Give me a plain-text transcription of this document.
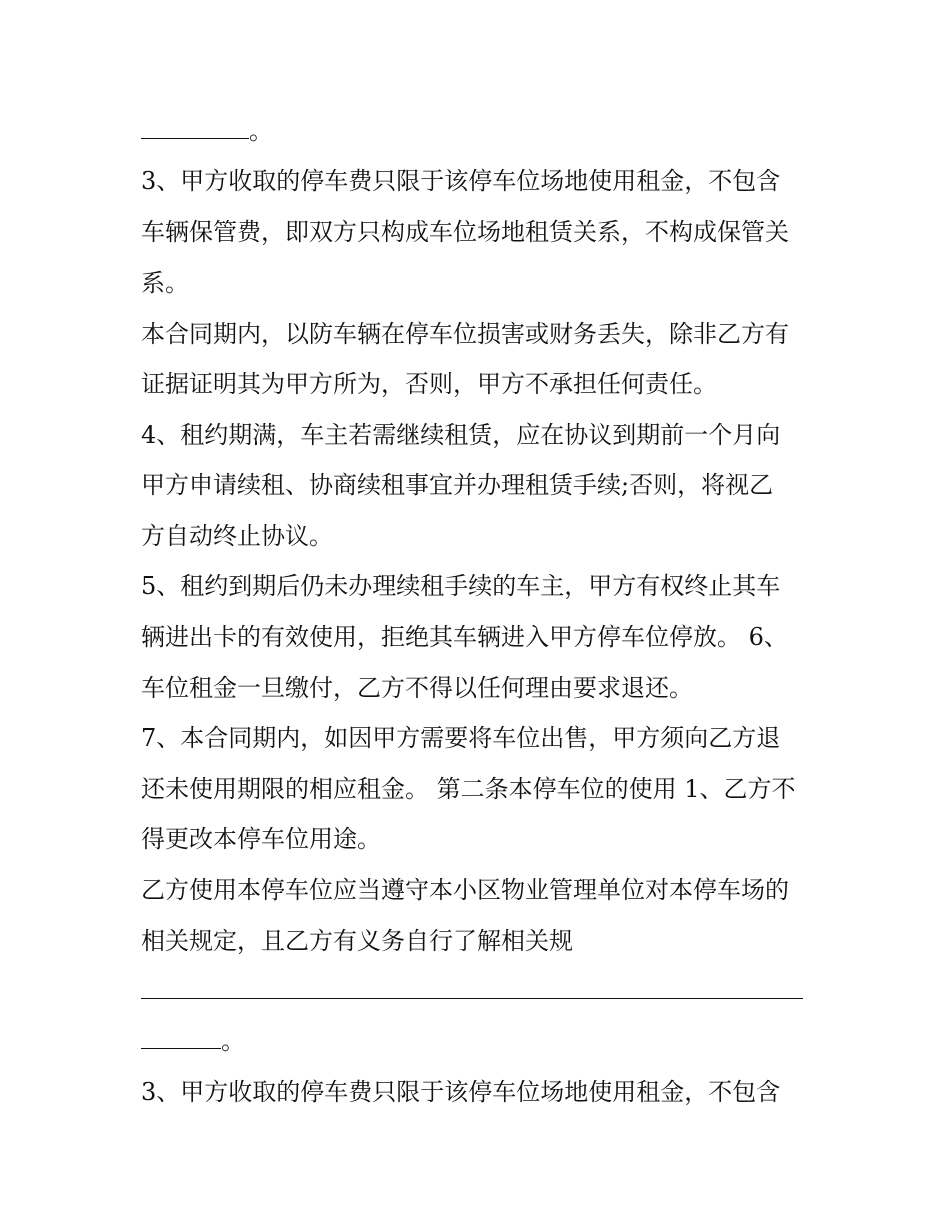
。
3、甲方收取的停车费只限于该停车位场地使用租金，不包含
车辆保管费，即双方只构成车位场地租赁关系，不构成保管关
系。
本合同期内，以防车辆在停车位损害或财务丢失，除非乙方有
证据证明其为甲方所为，否则，甲方不承担任何责任。
4、租约期满，车主若需继续租赁，应在协议到期前一个月向
甲方申请续租、协商续租事宜并办理租赁手续;否则，将视乙
方自动终止协议。
5、租约到期后仍未办理续租手续的车主，甲方有权终止其车
辆进出卡的有效使用，拒绝其车辆进入甲方停车位停放。 6、
车位租金一旦缴付，乙方不得以任何理由要求退还。
7、本合同期内，如因甲方需要将车位出售，甲方须向乙方退
还未使用期限的相应租金。 第二条本停车位的使用 1、乙方不
得更改本停车位用途。
乙方使用本停车位应当遵守本小区物业管理单位对本停车场的
相关规定，且乙方有义务自行了解相关规
。
3、甲方收取的停车费只限于该停车位场地使用租金，不包含
